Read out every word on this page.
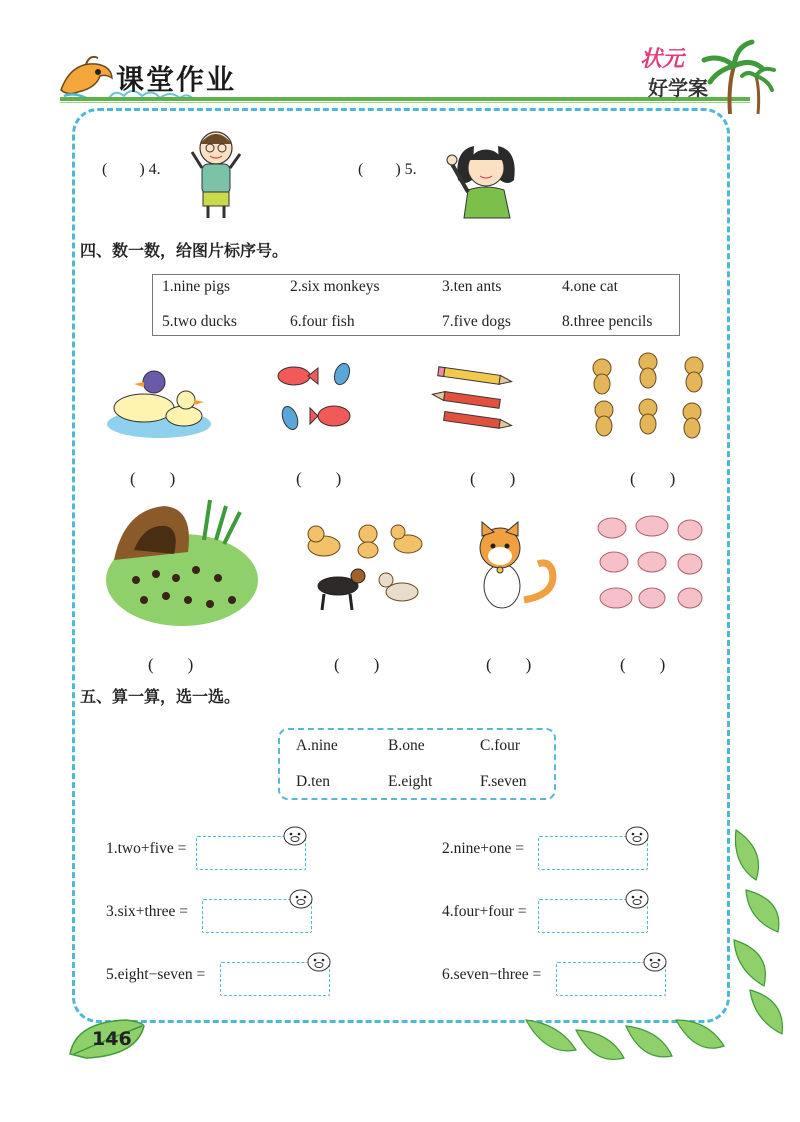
课堂作业
状元
好学案
(　　) 4.	(　　) 5.
四、数一数，给图片标序号。
1.nine pigs	2.six monkeys	3.ten ants	4.one cat
5.two ducks	6.four fish	7.five dogs	8.three pencils
(　　)	(　　)	(　　)	(　　)
(　　)	(　　)	(　　)	(　　)
五、算一算，选一选。
A.nine	B.one	C.four
D.ten	E.eight	F.seven
1.two+five =	2.nine+one =
3.six+three =	4.four+four =
5.eight−seven =	6.seven−three =
146
